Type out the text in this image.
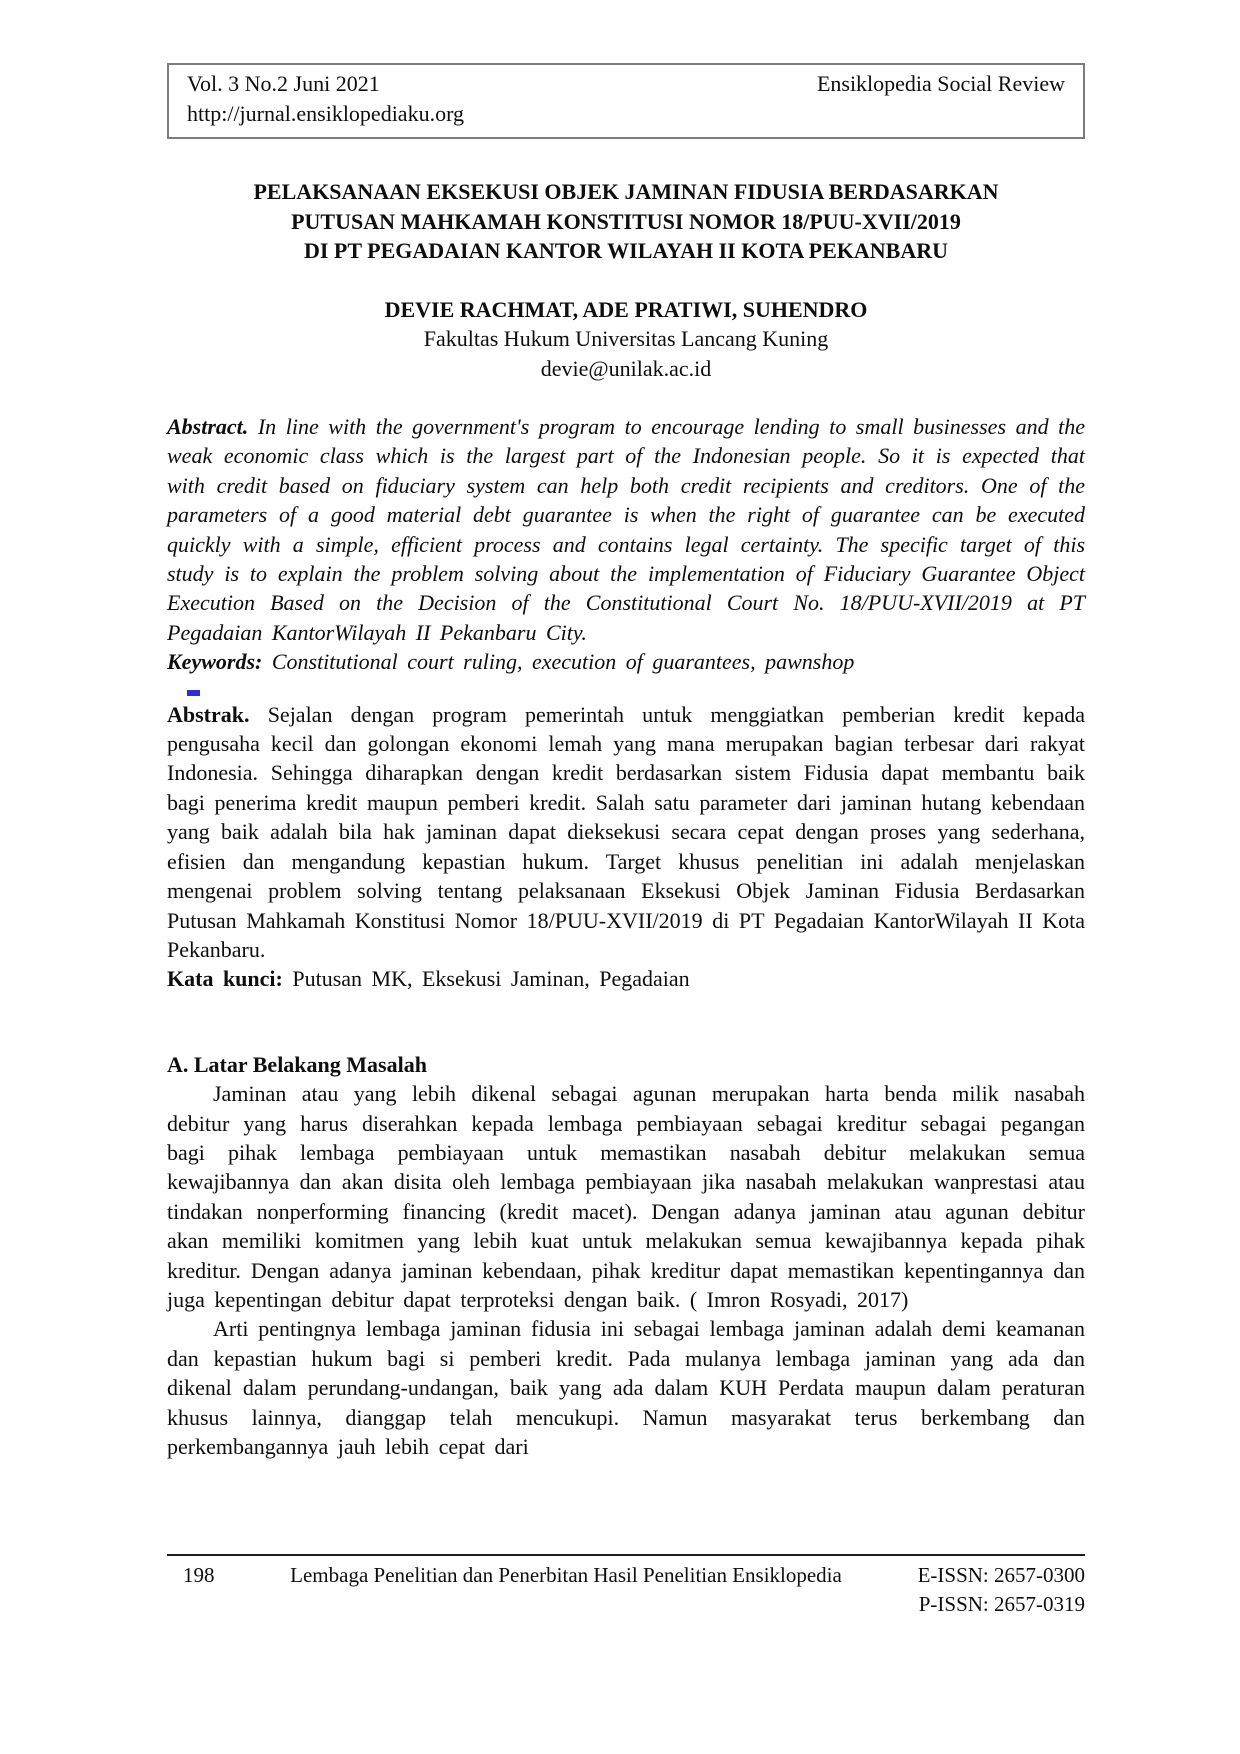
Vol. 3 No.2 Juni 2021	Ensiklopedia Social Review
http://jurnal.ensiklopediaku.org
PELAKSANAAN EKSEKUSI OBJEK JAMINAN FIDUSIA BERDASARKAN
PUTUSAN MAHKAMAH KONSTITUSI NOMOR 18/PUU-XVII/2019
DI PT PEGADAIAN KANTOR WILAYAH II KOTA PEKANBARU
DEVIE RACHMAT, ADE PRATIWI, SUHENDRO
Fakultas Hukum Universitas Lancang Kuning
devie@unilak.ac.id

Abstract. In line with the government's program to encourage lending to small businesses and the weak economic class which is the largest part of the Indonesian people. So it is expected that with credit based on fiduciary system can help both credit recipients and creditors. One of the parameters of a good material debt guarantee is when the right of guarantee can be executed quickly with a simple, efficient process and contains legal certainty. The specific target of this study is to explain the problem solving about the implementation of Fiduciary Guarantee Object Execution Based on the Decision of the Constitutional Court No. 18/PUU-XVII/2019 at PT Pegadaian KantorWilayah II Pekanbaru City.

Keywords: Constitutional court ruling, execution of guarantees, pawnshop

Abstrak. Sejalan dengan program pemerintah untuk menggiatkan pemberian kredit kepada pengusaha kecil dan golongan ekonomi lemah yang mana merupakan bagian terbesar dari rakyat Indonesia. Sehingga diharapkan dengan kredit berdasarkan sistem Fidusia dapat membantu baik bagi penerima kredit maupun pemberi kredit. Salah satu parameter dari jaminan hutang kebendaan yang baik adalah bila hak jaminan dapat dieksekusi secara cepat dengan proses yang sederhana, efisien dan mengandung kepastian hukum. Target khusus penelitian ini adalah menjelaskan mengenai problem solving tentang pelaksanaan Eksekusi Objek Jaminan Fidusia Berdasarkan Putusan Mahkamah Konstitusi Nomor 18/PUU-XVII/2019 di PT Pegadaian KantorWilayah II Kota Pekanbaru.

Kata kunci: Putusan MK, Eksekusi Jaminan, Pegadaian

A. Latar Belakang Masalah

Jaminan atau yang lebih dikenal sebagai agunan merupakan harta benda milik nasabah debitur yang harus diserahkan kepada lembaga pembiayaan sebagai kreditur sebagai pegangan bagi pihak lembaga pembiayaan untuk memastikan nasabah debitur melakukan semua kewajibannya dan akan disita oleh lembaga pembiayaan jika nasabah melakukan wanprestasi atau tindakan nonperforming financing (kredit macet). Dengan adanya jaminan atau agunan debitur akan memiliki komitmen yang lebih kuat untuk melakukan semua kewajibannya kepada pihak kreditur. Dengan adanya jaminan kebendaan, pihak kreditur dapat memastikan kepentingannya dan juga kepentingan debitur dapat terproteksi dengan baik. ( Imron Rosyadi, 2017)

Arti pentingnya lembaga jaminan fidusia ini sebagai lembaga jaminan adalah demi keamanan dan kepastian hukum bagi si pemberi kredit. Pada mulanya lembaga jaminan yang ada dan dikenal dalam perundang-undangan, baik yang ada dalam KUH Perdata maupun dalam peraturan khusus lainnya, dianggap telah mencukupi. Namun masyarakat terus berkembang dan perkembangannya jauh lebih cepat dari

198	Lembaga Penelitian dan Penerbitan Hasil Penelitian Ensiklopedia	E-ISSN: 2657-0300
P-ISSN: 2657-0319
